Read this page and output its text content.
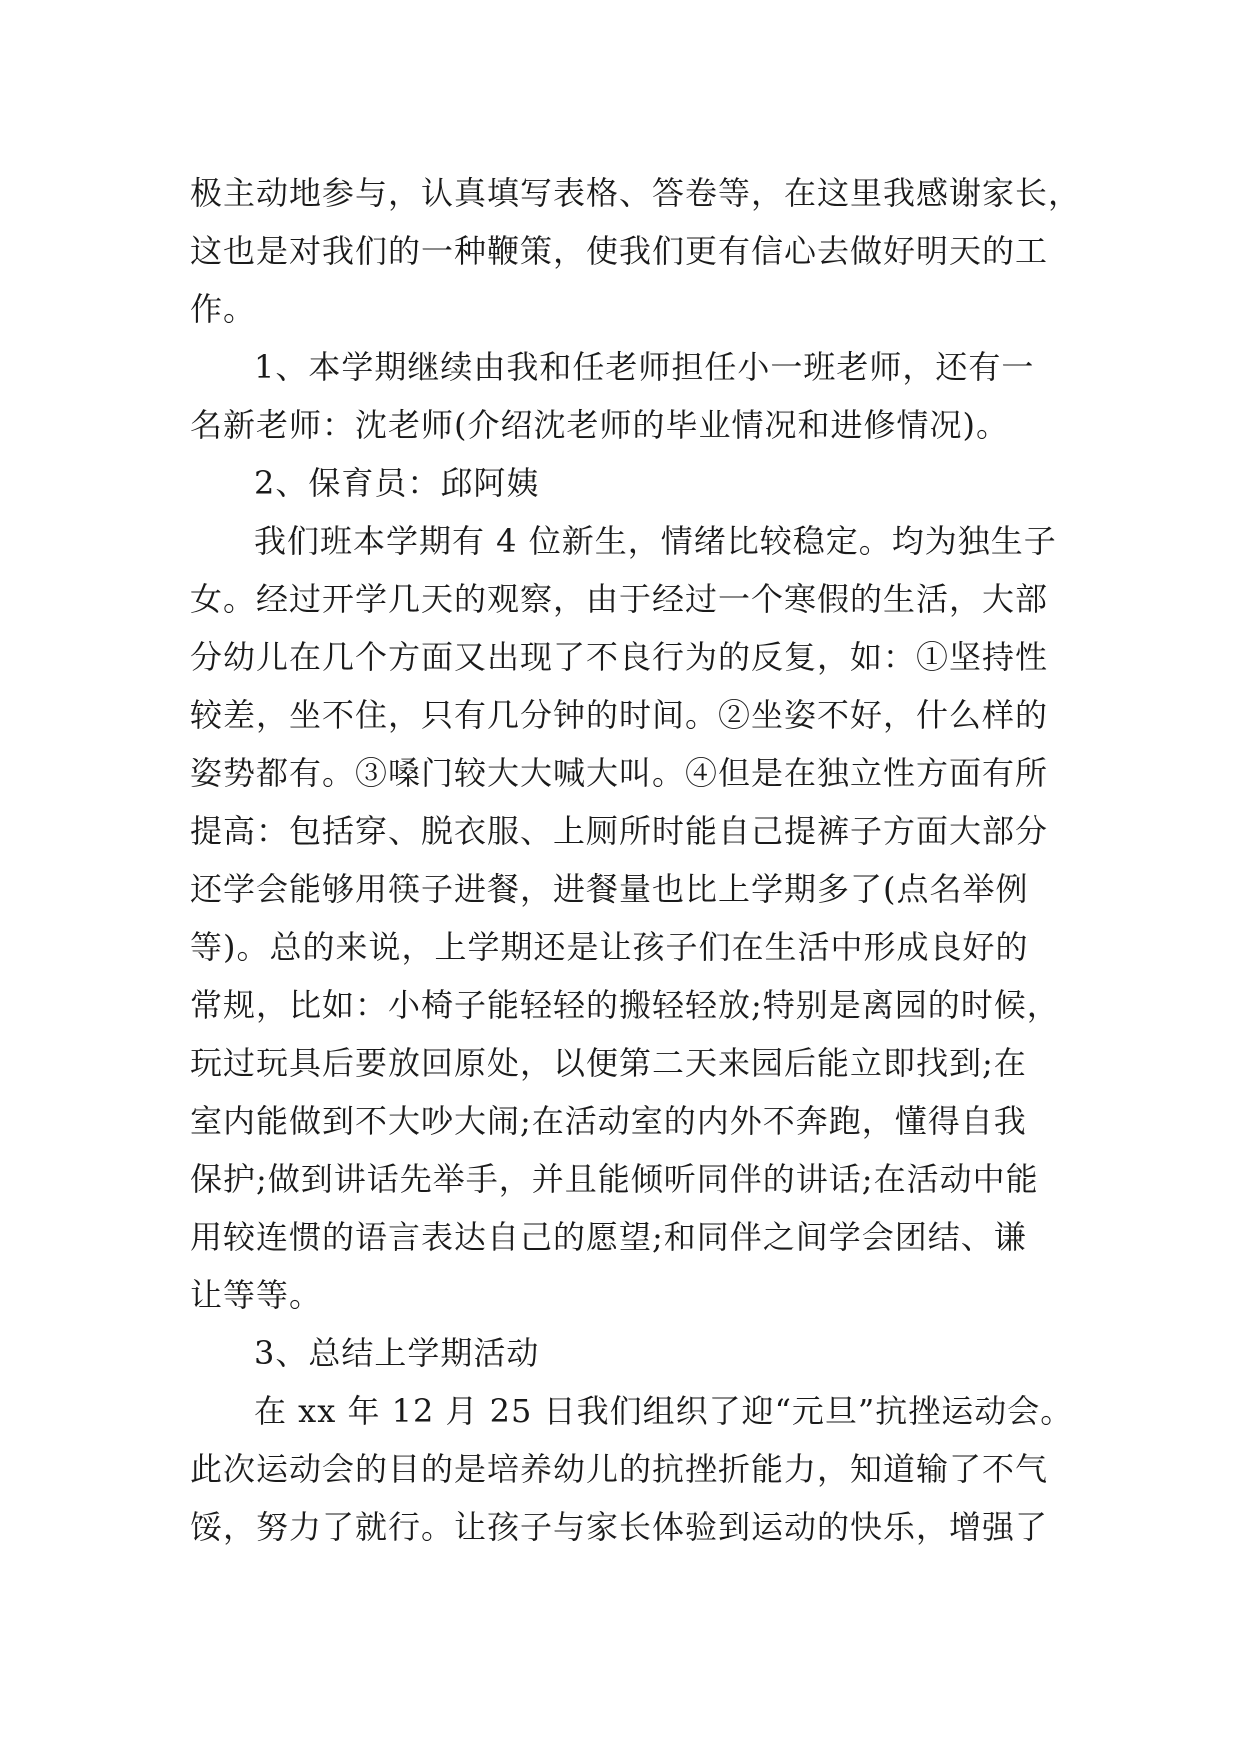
极主动地参与，认真填写表格、答卷等，在这里我感谢家长，
这也是对我们的一种鞭策，使我们更有信心去做好明天的工
作。
1、本学期继续由我和任老师担任小一班老师，还有一
名新老师：沈老师(介绍沈老师的毕业情况和进修情况)。
2、保育员：邱阿姨
我们班本学期有 4 位新生，情绪比较稳定。均为独生子
女。经过开学几天的观察，由于经过一个寒假的生活，大部
分幼儿在几个方面又出现了不良行为的反复，如：①坚持性
较差，坐不住，只有几分钟的时间。②坐姿不好，什么样的
姿势都有。③嗓门较大大喊大叫。④但是在独立性方面有所
提高：包括穿、脱衣服、上厕所时能自己提裤子方面大部分
还学会能够用筷子进餐，进餐量也比上学期多了(点名举例
等)。总的来说，上学期还是让孩子们在生活中形成良好的
常规，比如：小椅子能轻轻的搬轻轻放;特别是离园的时候，
玩过玩具后要放回原处，以便第二天来园后能立即找到;在
室内能做到不大吵大闹;在活动室的内外不奔跑，懂得自我
保护;做到讲话先举手，并且能倾听同伴的讲话;在活动中能
用较连惯的语言表达自己的愿望;和同伴之间学会团结、谦
让等等。
3、总结上学期活动
在 xx 年 12 月 25 日我们组织了迎“元旦”抗挫运动会。
此次运动会的目的是培养幼儿的抗挫折能力，知道输了不气
馁，努力了就行。让孩子与家长体验到运动的快乐，增强了
